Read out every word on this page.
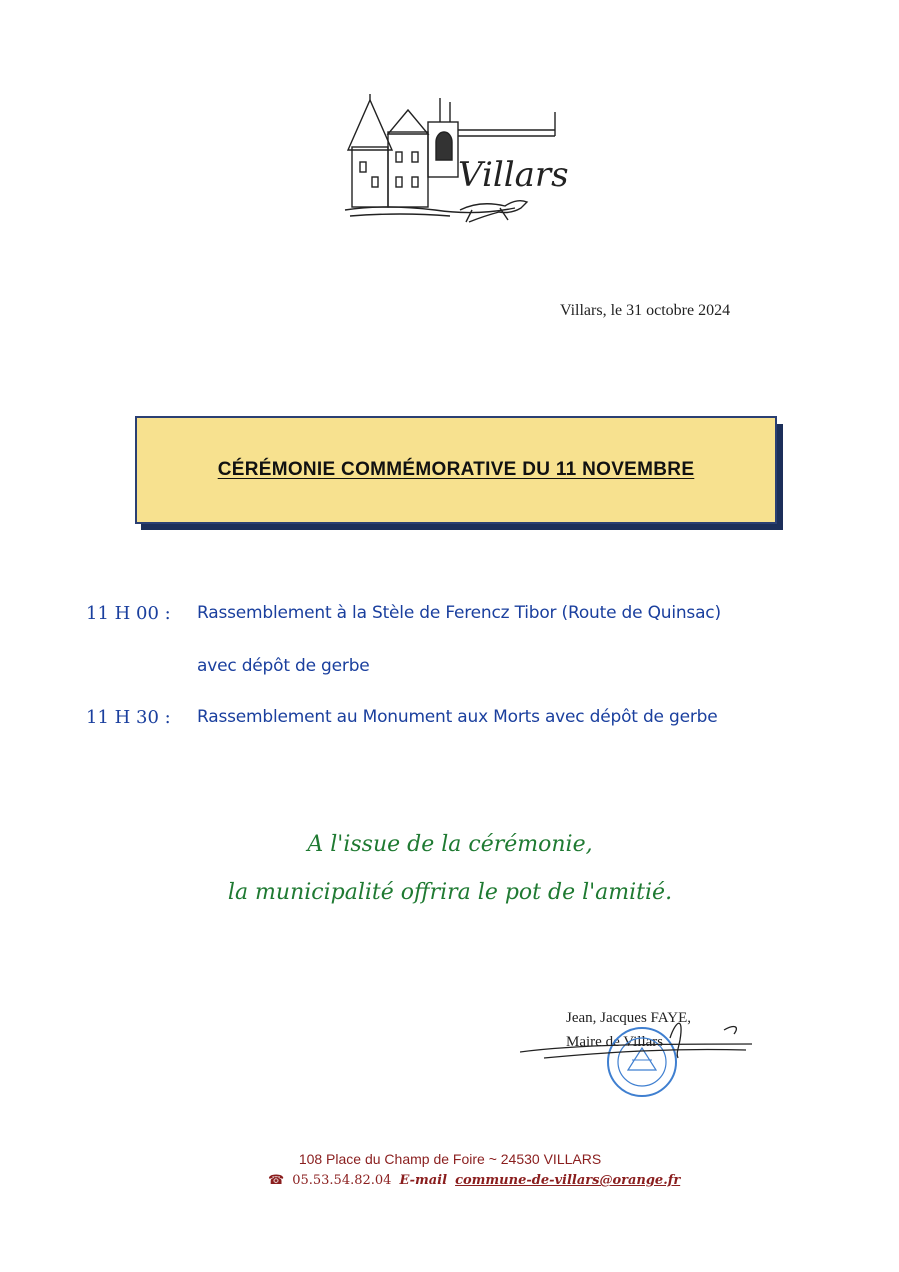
Villars
Villars, le 31 octobre 2024
CÉRÉMONIE COMMÉMORATIVE DU 11 NOVEMBRE
11 H 00 : Rassemblement à la Stèle de Ferencz Tibor (Route de Quinsac)
avec dépôt de gerbe
11 H 30 : Rassemblement au Monument aux Morts avec dépôt de gerbe
A l'issue de la cérémonie,
la municipalité offrira le pot de l'amitié.
Jean, Jacques FAYE,
Maire de Villars
108 Place du Champ de Foire ~ 24530 VILLARS
☎ 05.53.54.82.04 E-mail commune-de-villars@orange.fr
